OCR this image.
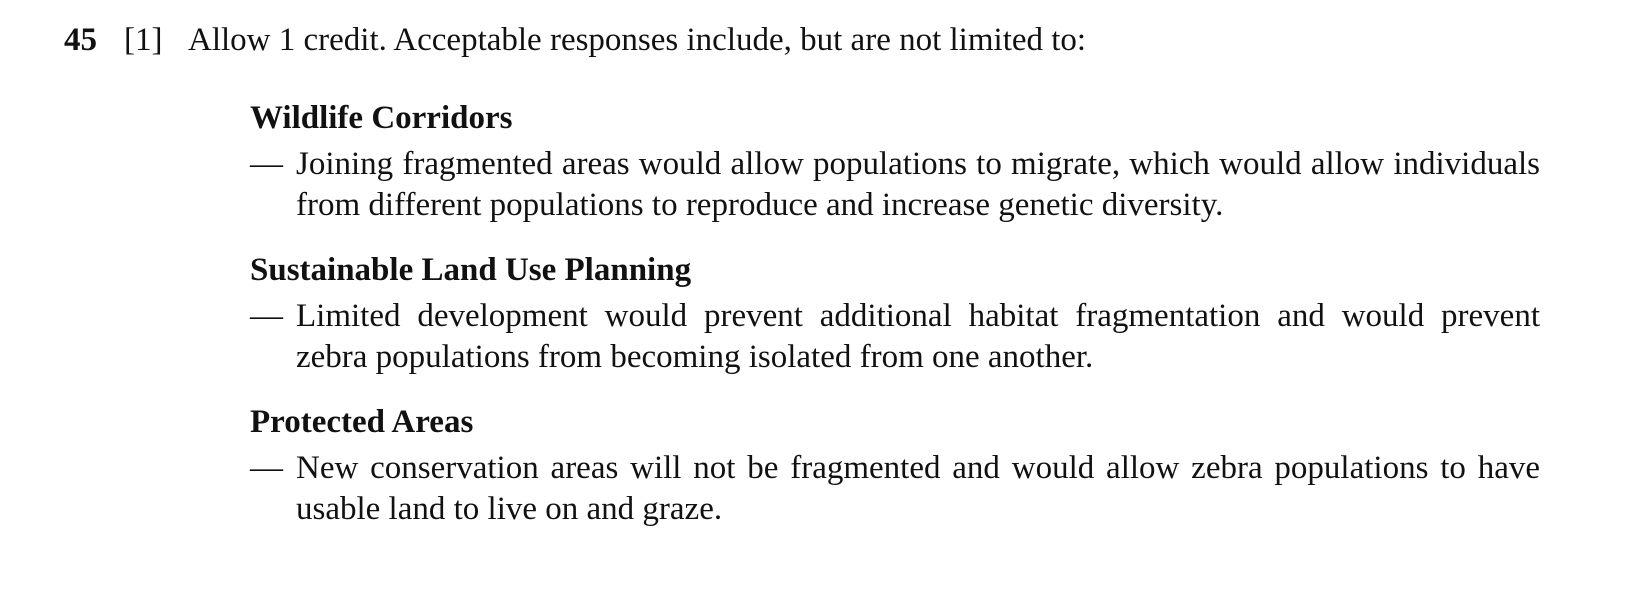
45 [1] Allow 1 credit. Acceptable responses include, but are not limited to:
Wildlife Corridors
— Joining fragmented areas would allow populations to migrate, which would allow individuals from different populations to reproduce and increase genetic diversity.
Sustainable Land Use Planning
— Limited development would prevent additional habitat fragmentation and would prevent zebra populations from becoming isolated from one another.
Protected Areas
— New conservation areas will not be fragmented and would allow zebra populations to have usable land to live on and graze.
